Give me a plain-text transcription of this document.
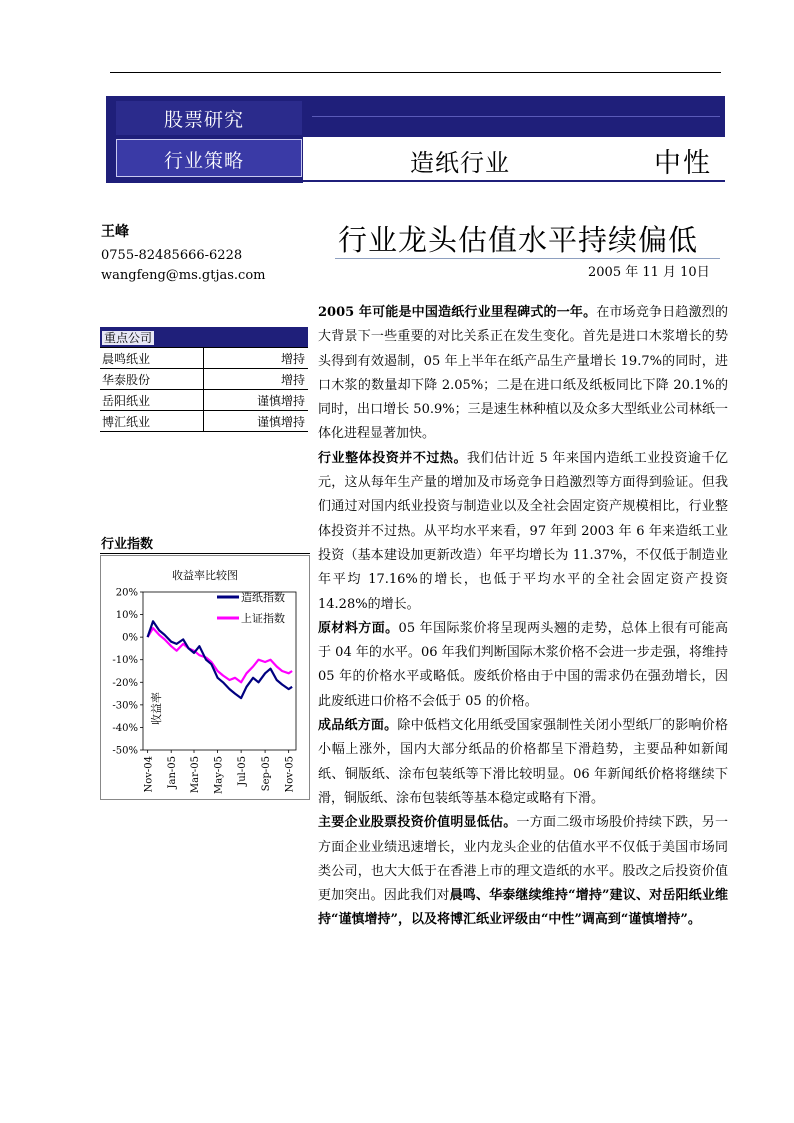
股票研究
行业策略	造纸行业	中性
王峰
0755-82485666-6228
wangfeng@ms.gtjas.com
行业龙头估值水平持续偏低
2005 年 11 月 10日
重点公司	
晨鸣纸业	增持
华泰股份	增持
岳阳纸业	谨慎增持
博汇纸业	谨慎增持
行业指数
收益率比较图
20%
10%
0%
-10%
-20%
-30%
-40%
-50%
Nov-04 Jan-05 Mar-05 May-05 Jul-05 Sep-05 Nov-05
造纸指数
上证指数
收益率

2005 年可能是中国造纸行业里程碑式的一年。在市场竞争日趋激烈的大背景下一些重要的对比关系正在发生变化。首先是进口木浆增长的势头得到有效遏制，05 年上半年在纸产品生产量增长 19.7%的同时，进口木浆的数量却下降 2.05%；二是在进口纸及纸板同比下降 20.1%的同时，出口增长 50.9%；三是速生林种植以及众多大型纸业公司林纸一体化进程显著加快。

行业整体投资并不过热。我们估计近 5 年来国内造纸工业投资逾千亿元，这从每年生产量的增加及市场竞争日趋激烈等方面得到验证。但我们通过对国内纸业投资与制造业以及全社会固定资产规模相比，行业整体投资并不过热。从平均水平来看，97 年到 2003 年 6 年来造纸工业投资（基本建设加更新改造）年平均增长为 11.37%，不仅低于制造业年平均 17.16%的增长，也低于平均水平的全社会固定资产投资 14.28%的增长。

原材料方面。05 年国际浆价将呈现两头翘的走势，总体上很有可能高于 04 年的水平。06 年我们判断国际木浆价格不会进一步走强，将维持 05 年的价格水平或略低。废纸价格由于中国的需求仍在强劲增长，因此废纸进口价格不会低于 05 的价格。

成品纸方面。除中低档文化用纸受国家强制性关闭小型纸厂的影响价格小幅上涨外，国内大部分纸品的价格都呈下滑趋势，主要品种如新闻纸、铜版纸、涂布包装纸等下滑比较明显。06 年新闻纸价格将继续下滑，铜版纸、涂布包装纸等基本稳定或略有下滑。

主要企业股票投资价值明显低估。一方面二级市场股价持续下跌，另一方面企业业绩迅速增长，业内龙头企业的估值水平不仅低于美国市场同类公司，也大大低于在香港上市的理文造纸的水平。股改之后投资价值更加突出。因此我们对晨鸣、华泰继续维持“增持”建议、对岳阳纸业维持“谨慎增持”，以及将博汇纸业评级由“中性”调高到“谨慎增持”。
